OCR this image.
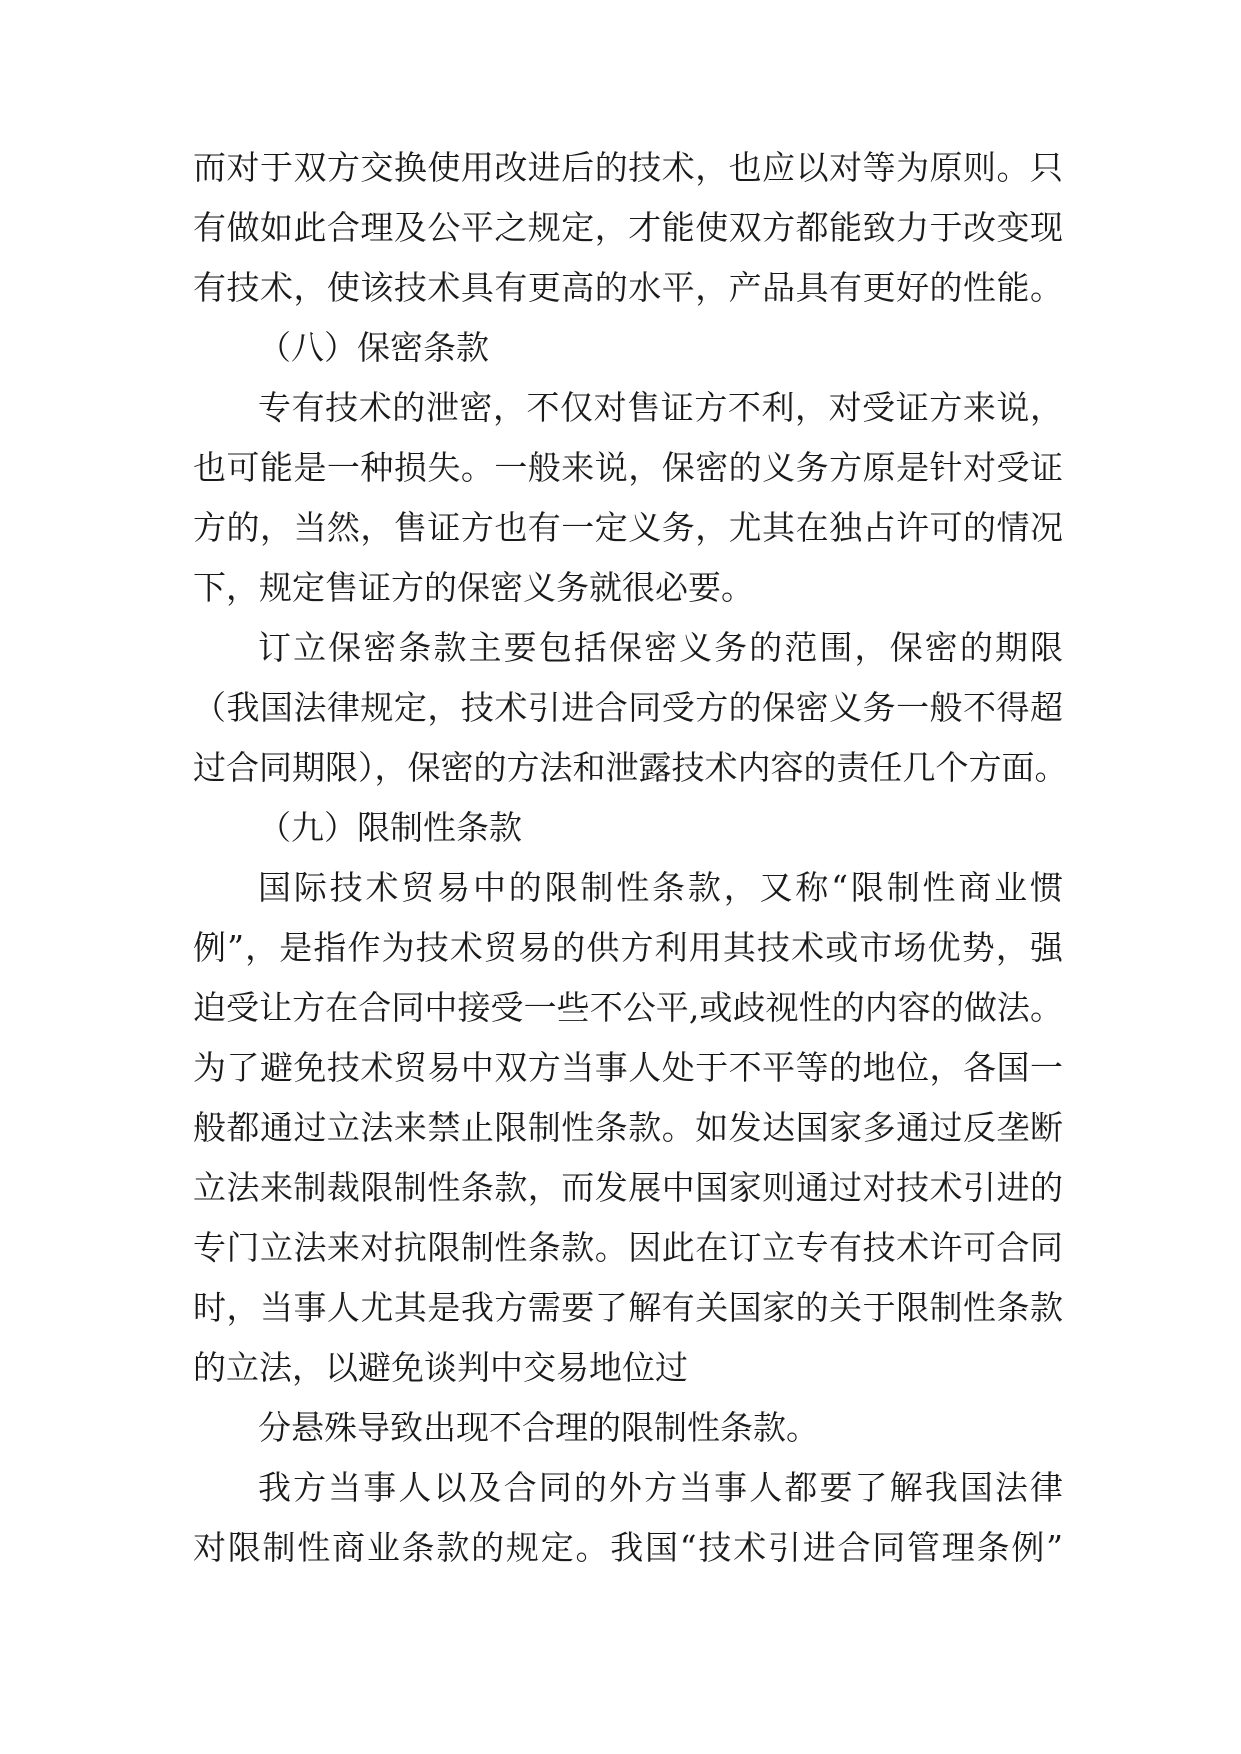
而对于双方交换使用改进后的技术，也应以对等为原则。只
有做如此合理及公平之规定，才能使双方都能致力于改变现
有技术，使该技术具有更高的水平，产品具有更好的性能。
（八）保密条款
专有技术的泄密，不仅对售证方不利，对受证方来说，
也可能是一种损失。一般来说，保密的义务方原是针对受证
方的，当然，售证方也有一定义务，尤其在独占许可的情况
下，规定售证方的保密义务就很必要。
订立保密条款主要包括保密义务的范围，保密的期限
（我国法律规定，技术引进合同受方的保密义务一般不得超
过合同期限），保密的方法和泄露技术内容的责任几个方面。
（九）限制性条款
国际技术贸易中的限制性条款，又称“限制性商业惯
例”，是指作为技术贸易的供方利用其技术或市场优势，强
迫受让方在合同中接受一些不公平,或歧视性的内容的做法。
为了避免技术贸易中双方当事人处于不平等的地位，各国一
般都通过立法来禁止限制性条款。如发达国家多通过反垄断
立法来制裁限制性条款，而发展中国家则通过对技术引进的
专门立法来对抗限制性条款。因此在订立专有技术许可合同
时，当事人尤其是我方需要了解有关国家的关于限制性条款
的立法，以避免谈判中交易地位过
分悬殊导致出现不合理的限制性条款。
我方当事人以及合同的外方当事人都要了解我国法律
对限制性商业条款的规定。我国“技术引进合同管理条例”
